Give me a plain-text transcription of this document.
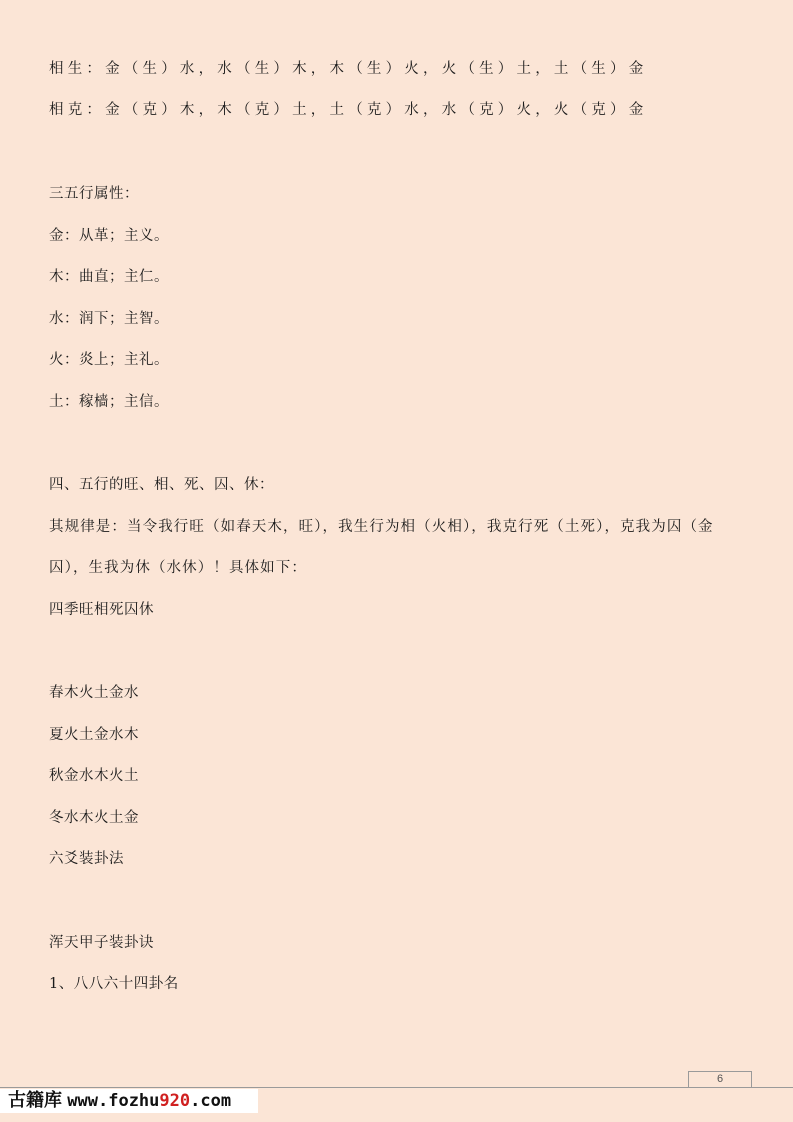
相生：金（生）水，水（生）木，木（生）火，火（生）土，土（生）金
相克：金（克）木，木（克）土，土（克）水，水（克）火，火（克）金
三五行属性：
金：从革；主义。
木：曲直；主仁。
水：润下；主智。
火：炎上；主礼。
土：稼樯；主信。
四、五行的旺、相、死、囚、休：
其规律是：当令我行旺（如春天木，旺），我生行为相（火相），我克行死（土死），克我为囚（金
囚），生我为休（水休）！具体如下：
四季旺相死囚休
春木火土金水
夏火土金水木
秋金水木火土
冬水木火土金
六爻装卦法
浑天甲子装卦诀
1、八八六十四卦名
6
古籍库 www.fozhu920.com
